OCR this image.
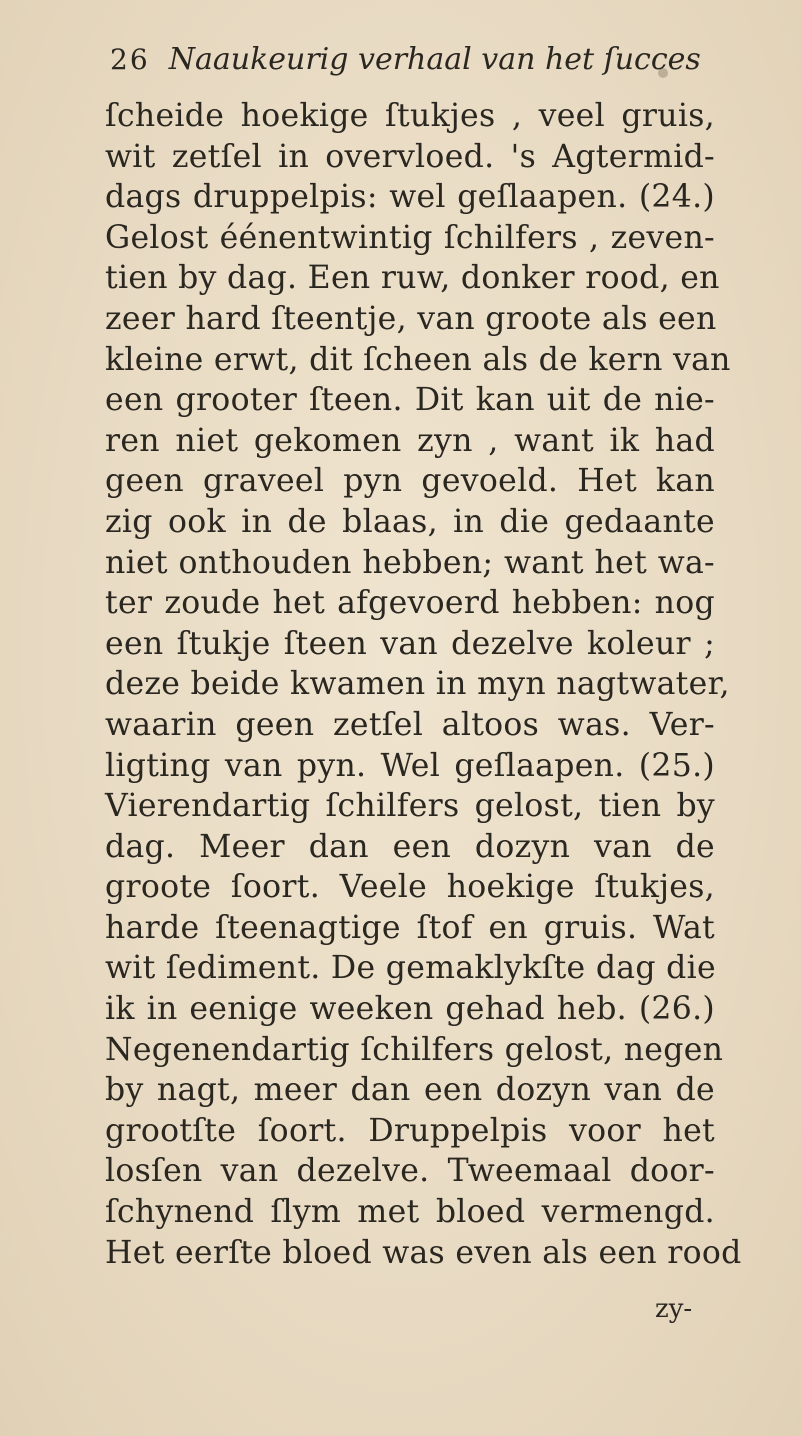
26 Naaukeurig verhaal van het ſucces
ſcheide hoekige ſtukjes , veel gruis,
wit zetſel in overvloed. 's Agtermid-
dags druppelpis: wel geſlaapen. (24.)
Gelost éénentwintig ſchilfers , zeven-
tien by dag. Een ruw, donker rood, en
zeer hard ſteentje, van groote als een
kleine erwt, dit ſcheen als de kern van
een grooter ſteen. Dit kan uit de nie-
ren niet gekomen zyn , want ik had
geen graveel pyn gevoeld. Het kan
zig ook in de blaas, in die gedaante
niet onthouden hebben; want het wa-
ter zoude het afgevoerd hebben: nog
een ſtukje ſteen van dezelve koleur ;
deze beide kwamen in myn nagtwater,
waarin geen zetſel altoos was. Ver-
ligting van pyn. Wel geſlaapen. (25.)
Vierendartig ſchilfers gelost, tien by
dag. Meer dan een dozyn van de
groote ſoort. Veele hoekige ſtukjes,
harde ſteenagtige ſtof en gruis. Wat
wit ſediment. De gemaklykſte dag die
ik in eenige weeken gehad heb. (26.)
Negenendartig ſchilfers gelost, negen
by nagt, meer dan een dozyn van de
grootſte ſoort. Druppelpis voor het
losſen van dezelve. Tweemaal door-
ſchynend ſlym met bloed vermengd.
Het eerſte bloed was even als een rood
zy-
